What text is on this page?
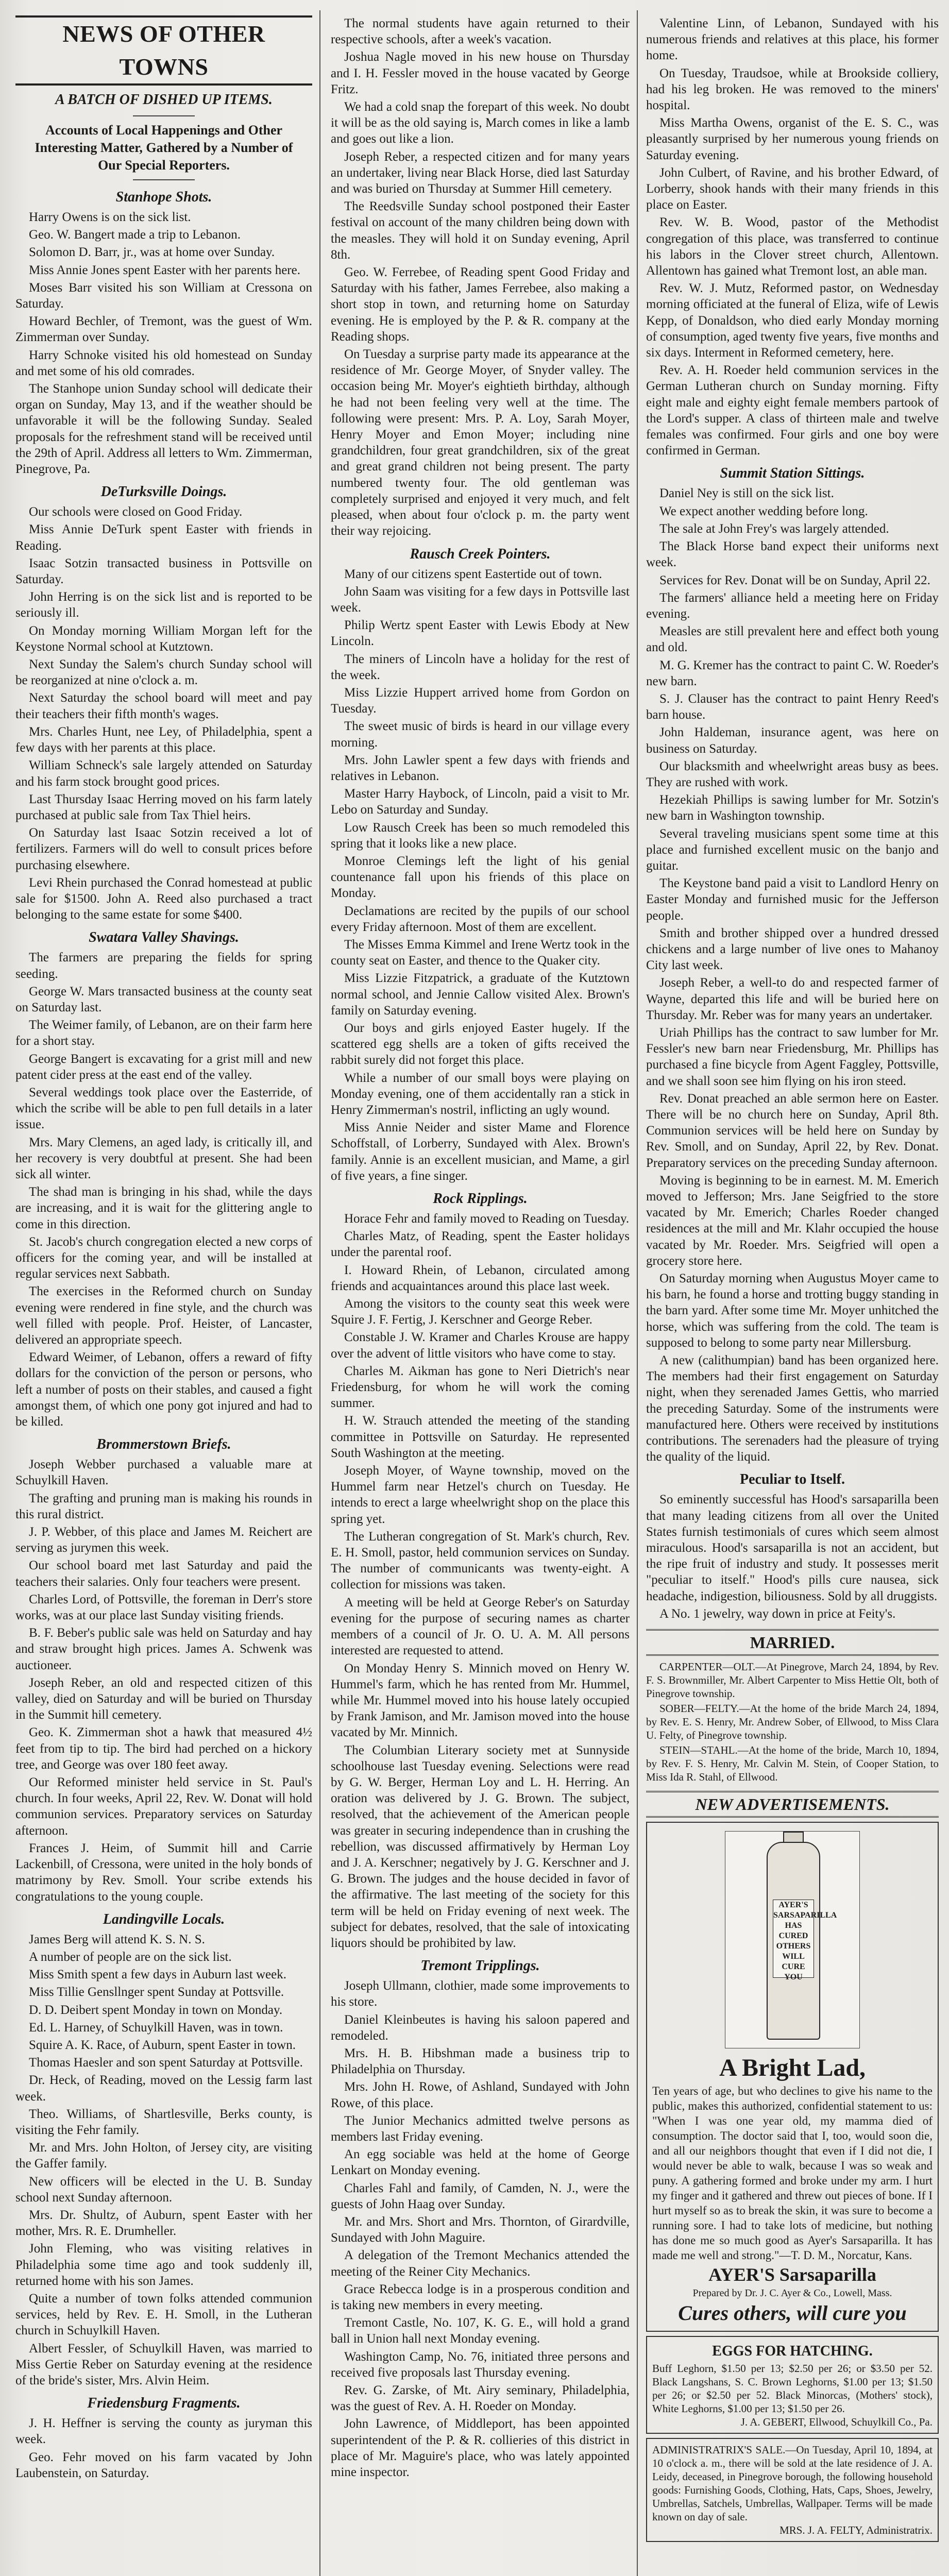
NEWS OF OTHER TOWNS
A BATCH OF DISHED UP ITEMS.
Accounts of Local Happenings and Other Interesting Matter, Gathered by a Number of Our Special Reporters.
Stanhope Shots.
Harry Owens is on the sick list.
Geo. W. Bangert made a trip to Lebanon.
Solomon D. Barr, jr., was at home over Sunday.
Miss Annie Jones spent Easter with her parents here.
Moses Barr visited his son William at Cressona on Saturday.
Howard Bechler, of Tremont, was the guest of Wm. Zimmerman over Sunday.
Harry Schnoke visited his old homestead on Sunday and met some of his old comrades.
The Stanhope union Sunday school will dedicate their organ on Sunday, May 13, and if the weather should be unfavorable it will be the following Sunday. Sealed proposals for the refreshment stand will be received until the 29th of April. Address all letters to Wm. Zimmerman, Pinegrove, Pa.
DeTurksville Doings.
Our schools were closed on Good Friday.
Miss Annie DeTurk spent Easter with friends in Reading.
Isaac Sotzin transacted business in Pottsville on Saturday.
John Herring is on the sick list and is reported to be seriously ill.
On Monday morning William Morgan left for the Keystone Normal school at Kutztown.
Next Sunday the Salem's church Sunday school will be reorganized at nine o'clock a. m.
Next Saturday the school board will meet and pay their teachers their fifth month's wages.
Mrs. Charles Hunt, nee Ley, of Philadelphia, spent a few days with her parents at this place.
William Schneck's sale largely attended on Saturday and his farm stock brought good prices.
Last Thursday Isaac Herring moved on his farm lately purchased at public sale from Tax Thiel heirs.
On Saturday last Isaac Sotzin received a lot of fertilizers. Farmers will do well to consult prices before purchasing elsewhere.
Levi Rhein purchased the Conrad homestead at public sale for $1500. John A. Reed also purchased a tract belonging to the same estate for some $400.
Swatara Valley Shavings.
The farmers are preparing the fields for spring seeding.
George W. Mars transacted business at the county seat on Saturday last.
The Weimer family, of Lebanon, are on their farm here for a short stay.
George Bangert is excavating for a grist mill and new patent cider press at the east end of the valley.
Several weddings took place over the Easterride, of which the scribe will be able to pen full details in a later issue.
Mrs. Mary Clemens, an aged lady, is critically ill, and her recovery is very doubtful at present. She had been sick all winter.
The shad man is bringing in his shad, while the days are increasing, and it is wait for the glittering angle to come in this direction.
St. Jacob's church congregation elected a new corps of officers for the coming year, and will be installed at regular services next Sabbath.
The exercises in the Reformed church on Sunday evening were rendered in fine style, and the church was well filled with people. Prof. Heister, of Lancaster, delivered an appropriate speech.
Edward Weimer, of Lebanon, offers a reward of fifty dollars for the conviction of the person or persons, who left a number of posts on their stables, and caused a fight amongst them, of which one pony got injured and had to be killed.
Brommerstown Briefs.
Joseph Webber purchased a valuable mare at Schuylkill Haven.
The grafting and pruning man is making his rounds in this rural district.
J. P. Webber, of this place and James M. Reichert are serving as jurymen this week.
Our school board met last Saturday and paid the teachers their salaries. Only four teachers were present.
Charles Lord, of Pottsville, the foreman in Derr's store works, was at our place last Sunday visiting friends.
B. F. Beber's public sale was held on Saturday and hay and straw brought high prices. James A. Schwenk was auctioneer.
Joseph Reber, an old and respected citizen of this valley, died on Saturday and will be buried on Thursday in the Summit hill cemetery.
Geo. K. Zimmerman shot a hawk that measured 4½ feet from tip to tip. The bird had perched on a hickory tree, and George was over 180 feet away.
Our Reformed minister held service in St. Paul's church. In four weeks, April 22, Rev. W. Donat will hold communion services. Preparatory services on Saturday afternoon.
Frances J. Heim, of Summit hill and Carrie Lackenbill, of Cressona, were united in the holy bonds of matrimony by Rev. Smoll. Your scribe extends his congratulations to the young couple.
Landingville Locals.
James Berg will attend K. S. N. S.
A number of people are on the sick list.
Miss Smith spent a few days in Auburn last week.
Miss Tillie Gensllnger spent Sunday at Pottsville.
D. D. Deibert spent Monday in town on Monday.
Ed. L. Harney, of Schuylkill Haven, was in town.
Squire A. K. Race, of Auburn, spent Easter in town.
Thomas Haesler and son spent Saturday at Pottsville.
Dr. Heck, of Reading, moved on the Lessig farm last week.
Theo. Williams, of Shartlesville, Berks county, is visiting the Fehr family.
Mr. and Mrs. John Holton, of Jersey city, are visiting the Gaffer family.
New officers will be elected in the U. B. Sunday school next Sunday afternoon.
Mrs. Dr. Shultz, of Auburn, spent Easter with her mother, Mrs. R. E. Drumheller.
John Fleming, who was visiting relatives in Philadelphia some time ago and took suddenly ill, returned home with his son James.
Quite a number of town folks attended communion services, held by Rev. E. H. Smoll, in the Lutheran church in Schuylkill Haven.
Albert Fessler, of Schuylkill Haven, was married to Miss Gertie Reber on Saturday evening at the residence of the bride's sister, Mrs. Alvin Heim.
Friedensburg Fragments.
J. H. Heffner is serving the county as juryman this week.
Geo. Fehr moved on his farm vacated by John Laubenstein, on Saturday.
The normal students have again returned to their respective schools, after a week's vacation.
Joshua Nagle moved in his new house on Thursday and I. H. Fessler moved in the house vacated by George Fritz.
We had a cold snap the forepart of this week. No doubt it will be as the old saying is, March comes in like a lamb and goes out like a lion.
Joseph Reber, a respected citizen and for many years an undertaker, living near Black Horse, died last Saturday and was buried on Thursday at Summer Hill cemetery.
The Reedsville Sunday school postponed their Easter festival on account of the many children being down with the measles. They will hold it on Sunday evening, April 8th.
Geo. W. Ferrebee, of Reading spent Good Friday and Saturday with his father, James Ferrebee, also making a short stop in town, and returning home on Saturday evening. He is employed by the P. & R. company at the Reading shops.
On Tuesday a surprise party made its appearance at the residence of Mr. George Moyer, of Snyder valley. The occasion being Mr. Moyer's eightieth birthday, although he had not been feeling very well at the time. The following were present: Mrs. P. A. Loy, Sarah Moyer, Henry Moyer and Emon Moyer; including nine grandchildren, four great grandchildren, six of the great and great grand children not being present. The party numbered twenty four. The old gentleman was completely surprised and enjoyed it very much, and felt pleased, when about four o'clock p. m. the party went their way rejoicing.
Rausch Creek Pointers.
Many of our citizens spent Eastertide out of town.
John Saam was visiting for a few days in Pottsville last week.
Philip Wertz spent Easter with Lewis Ebody at New Lincoln.
The miners of Lincoln have a holiday for the rest of the week.
Miss Lizzie Huppert arrived home from Gordon on Tuesday.
The sweet music of birds is heard in our village every morning.
Mrs. John Lawler spent a few days with friends and relatives in Lebanon.
Master Harry Haybock, of Lincoln, paid a visit to Mr. Lebo on Saturday and Sunday.
Low Rausch Creek has been so much remodeled this spring that it looks like a new place.
Monroe Clemings left the light of his genial countenance fall upon his friends of this place on Monday.
Declamations are recited by the pupils of our school every Friday afternoon. Most of them are excellent.
The Misses Emma Kimmel and Irene Wertz took in the county seat on Easter, and thence to the Quaker city.
Miss Lizzie Fitzpatrick, a graduate of the Kutztown normal school, and Jennie Callow visited Alex. Brown's family on Saturday evening.
Our boys and girls enjoyed Easter hugely. If the scattered egg shells are a token of gifts received the rabbit surely did not forget this place.
While a number of our small boys were playing on Monday evening, one of them accidentally ran a stick in Henry Zimmerman's nostril, inflicting an ugly wound.
Miss Annie Neider and sister Mame and Florence Schoffstall, of Lorberry, Sundayed with Alex. Brown's family. Annie is an excellent musician, and Mame, a girl of five years, a fine singer.
Rock Ripplings.
Horace Fehr and family moved to Reading on Tuesday.
Charles Matz, of Reading, spent the Easter holidays under the parental roof.
I. Howard Rhein, of Lebanon, circulated among friends and acquaintances around this place last week.
Among the visitors to the county seat this week were Squire J. F. Fertig, J. Kerschner and George Reber.
Constable J. W. Kramer and Charles Krouse are happy over the advent of little visitors who have come to stay.
Charles M. Aikman has gone to Neri Dietrich's near Friedensburg, for whom he will work the coming summer.
H. W. Strauch attended the meeting of the standing committee in Pottsville on Saturday. He represented South Washington at the meeting.
Joseph Moyer, of Wayne township, moved on the Hummel farm near Hetzel's church on Tuesday. He intends to erect a large wheelwright shop on the place this spring yet.
The Lutheran congregation of St. Mark's church, Rev. E. H. Smoll, pastor, held communion services on Sunday. The number of communicants was twenty-eight. A collection for missions was taken.
A meeting will be held at George Reber's on Saturday evening for the purpose of securing names as charter members of a council of Jr. O. U. A. M. All persons interested are requested to attend.
On Monday Henry S. Minnich moved on Henry W. Hummel's farm, which he has rented from Mr. Hummel, while Mr. Hummel moved into his house lately occupied by Frank Jamison, and Mr. Jamison moved into the house vacated by Mr. Minnich.
The Columbian Literary society met at Sunnyside schoolhouse last Tuesday evening. Selections were read by G. W. Berger, Herman Loy and L. H. Herring. An oration was delivered by J. G. Brown. The subject, resolved, that the achievement of the American people was greater in securing independence than in crushing the rebellion, was discussed affirmatively by Herman Loy and J. A. Kerschner; negatively by J. G. Kerschner and J. G. Brown. The judges and the house decided in favor of the affirmative. The last meeting of the society for this term will be held on Friday evening of next week. The subject for debates, resolved, that the sale of intoxicating liquors should be prohibited by law.
Tremont Tripplings.
Joseph Ullmann, clothier, made some improvements to his store.
Daniel Kleinbeutes is having his saloon papered and remodeled.
Mrs. H. B. Hibshman made a business trip to Philadelphia on Thursday.
Mrs. John H. Rowe, of Ashland, Sundayed with John Rowe, of this place.
The Junior Mechanics admitted twelve persons as members last Friday evening.
An egg sociable was held at the home of George Lenkart on Monday evening.
Charles Fahl and family, of Camden, N. J., were the guests of John Haag over Sunday.
Mr. and Mrs. Short and Mrs. Thornton, of Girardville, Sundayed with John Maguire.
A delegation of the Tremont Mechanics attended the meeting of the Reiner City Mechanics.
Grace Rebecca lodge is in a prosperous condition and is taking new members in every meeting.
Tremont Castle, No. 107, K. G. E., will hold a grand ball in Union hall next Monday evening.
Washington Camp, No. 76, initiated three persons and received five proposals last Thursday evening.
Rev. G. Zarske, of Mt. Airy seminary, Philadelphia, was the guest of Rev. A. H. Roeder on Monday.
John Lawrence, of Middleport, has been appointed superintendent of the P. & R. collieries of this district in place of Mr. Maguire's place, who was lately appointed mine inspector.
Valentine Linn, of Lebanon, Sundayed with his numerous friends and relatives at this place, his former home.
On Tuesday, Traudsoe, while at Brookside colliery, had his leg broken. He was removed to the miners' hospital.
Miss Martha Owens, organist of the E. S. C., was pleasantly surprised by her numerous young friends on Saturday evening.
John Culbert, of Ravine, and his brother Edward, of Lorberry, shook hands with their many friends in this place on Easter.
Rev. W. B. Wood, pastor of the Methodist congregation of this place, was transferred to continue his labors in the Clover street church, Allentown. Allentown has gained what Tremont lost, an able man.
Rev. W. J. Mutz, Reformed pastor, on Wednesday morning officiated at the funeral of Eliza, wife of Lewis Kepp, of Donaldson, who died early Monday morning of consumption, aged twenty five years, five months and six days. Interment in Reformed cemetery, here.
Rev. A. H. Roeder held communion services in the German Lutheran church on Sunday morning. Fifty eight male and eighty eight female members partook of the Lord's supper. A class of thirteen male and twelve females was confirmed. Four girls and one boy were confirmed in German.
Summit Station Sittings.
Daniel Ney is still on the sick list.
We expect another wedding before long.
The sale at John Frey's was largely attended.
The Black Horse band expect their uniforms next week.
Services for Rev. Donat will be on Sunday, April 22.
The farmers' alliance held a meeting here on Friday evening.
Measles are still prevalent here and effect both young and old.
M. G. Kremer has the contract to paint C. W. Roeder's new barn.
S. J. Clauser has the contract to paint Henry Reed's barn house.
John Haldeman, insurance agent, was here on business on Saturday.
Our blacksmith and wheelwright areas busy as bees. They are rushed with work.
Hezekiah Phillips is sawing lumber for Mr. Sotzin's new barn in Washington township.
Several traveling musicians spent some time at this place and furnished excellent music on the banjo and guitar.
The Keystone band paid a visit to Landlord Henry on Easter Monday and furnished music for the Jefferson people.
Smith and brother shipped over a hundred dressed chickens and a large number of live ones to Mahanoy City last week.
Joseph Reber, a well-to do and respected farmer of Wayne, departed this life and will be buried here on Thursday. Mr. Reber was for many years an undertaker.
Uriah Phillips has the contract to saw lumber for Mr. Fessler's new barn near Friedensburg, Mr. Phillips has purchased a fine bicycle from Agent Faggley, Pottsville, and we shall soon see him flying on his iron steed.
Rev. Donat preached an able sermon here on Easter. There will be no church here on Sunday, April 8th. Communion services will be held here on Sunday by Rev. Smoll, and on Sunday, April 22, by Rev. Donat. Preparatory services on the preceding Sunday afternoon.
Moving is beginning to be in earnest. M. M. Emerich moved to Jefferson; Mrs. Jane Seigfried to the store vacated by Mr. Emerich; Charles Roeder changed residences at the mill and Mr. Klahr occupied the house vacated by Mr. Roeder. Mrs. Seigfried will open a grocery store here.
On Saturday morning when Augustus Moyer came to his barn, he found a horse and trotting buggy standing in the barn yard. After some time Mr. Moyer unhitched the horse, which was suffering from the cold. The team is supposed to belong to some party near Millersburg.
A new (calithumpian) band has been organized here. The members had their first engagement on Saturday night, when they serenaded James Gettis, who married the preceding Saturday. Some of the instruments were manufactured here. Others were received by institutions contributions. The serenaders had the pleasure of trying the quality of the liquid.
Peculiar to Itself.
So eminently successful has Hood's sarsaparilla been that many leading citizens from all over the United States furnish testimonials of cures which seem almost miraculous. Hood's sarsaparilla is not an accident, but the ripe fruit of industry and study. It possesses merit "peculiar to itself." Hood's pills cure nausea, sick headache, indigestion, biliousness. Sold by all druggists.
A No. 1 jewelry, way down in price at Feity's.
MARRIED.
CARPENTER—OLT.—At Pinegrove, March 24, 1894, by Rev. F. S. Brownmiller, Mr. Albert Carpenter to Miss Hettie Olt, both of Pinegrove township.
SOBER—FELTY.—At the home of the bride March 24, 1894, by Rev. E. S. Henry, Mr. Andrew Sober, of Ellwood, to Miss Clara U. Felty, of Pinegrove township.
STEIN—STAHL.—At the home of the bride, March 10, 1894, by Rev. F. S. Henry, Mr. Calvin M. Stein, of Cooper Station, to Miss Ida R. Stahl, of Ellwood.
NEW ADVERTISEMENTS.
AYER'S SARSAPARILLA HAS CURED OTHERS WILL CURE YOU
A Bright Lad,
Ten years of age, but who declines to give his name to the public, makes this authorized, confidential statement to us: "When I was one year old, my mamma died of consumption. The doctor said that I, too, would soon die, and all our neighbors thought that even if I did not die, I would never be able to walk, because I was so weak and puny. A gathering formed and broke under my arm. I hurt my finger and it gathered and threw out pieces of bone. If I hurt myself so as to break the skin, it was sure to become a running sore. I had to take lots of medicine, but nothing has done me so much good as Ayer's Sarsaparilla. It has made me well and strong."—T. D. M., Norcatur, Kans.
AYER'S Sarsaparilla
Prepared by Dr. J. C. Ayer & Co., Lowell, Mass.
Cures others, will cure you
EGGS FOR HATCHING.
Buff Leghorn, $1.50 per 13; $2.50 per 26; or $3.50 per 52. Black Langshans, S. C. Brown Leghorns, $1.00 per 13; $1.50 per 26; or $2.50 per 52. Black Minorcas, (Mothers' stock), White Leghorns, $1.00 per 13; $1.50 per 26.
J. A. GEBERT, Ellwood, Schuylkill Co., Pa.
ADMINISTRATRIX'S SALE.—On Tuesday, April 10, 1894, at 10 o'clock a. m., there will be sold at the late residence of J. A. Leidy, deceased, in Pinegrove borough, the following household goods: Furnishing Goods, Clothing, Hats, Caps, Shoes, Jewelry, Umbrellas, Satchels, Umbrellas, Wallpaper. Terms will be made known on day of sale.
MRS. J. A. FELTY, Administratrix.
